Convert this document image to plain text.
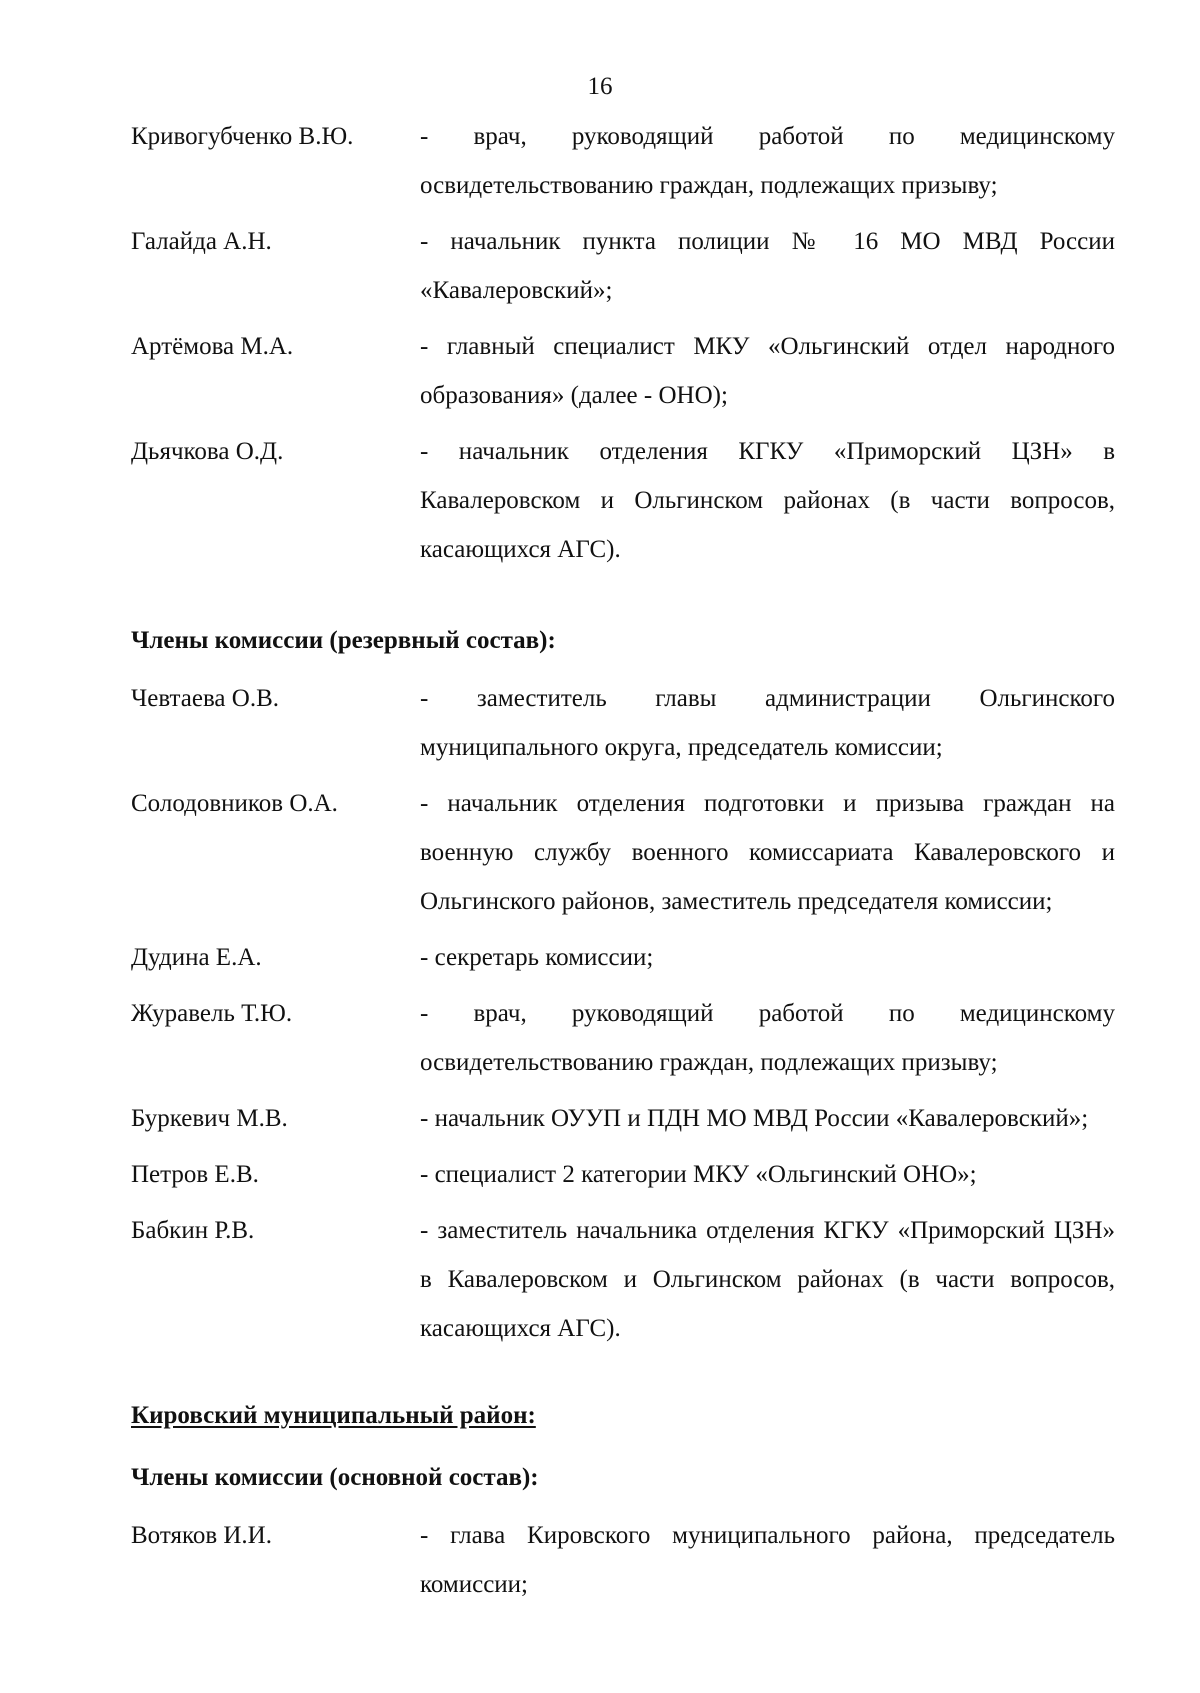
16
Кривогубченко В.Ю.	- врач, руководящий работой по медицинскому освидетельствованию граждан, подлежащих призыву;
Галайда А.Н.	- начальник пункта полиции № 16 МО МВД России «Кавалеровский»;
Артёмова М.А.	- главный специалист МКУ «Ольгинский отдел народного образования» (далее - ОНО);
Дьячкова О.Д.	- начальник отделения КГКУ «Приморский ЦЗН» в Кавалеровском и Ольгинском районах (в части вопросов, касающихся АГС).
Члены комиссии (резервный состав):
Чевтаева О.В.	- заместитель главы администрации Ольгинского муниципального округа, председатель комиссии;
Солодовников О.А.	- начальник отделения подготовки и призыва граждан на военную службу военного комиссариата Кавалеровского и Ольгинского районов, заместитель председателя комиссии;
Дудина Е.А.	- секретарь комиссии;
Журавель Т.Ю.	- врач, руководящий работой по медицинскому освидетельствованию граждан, подлежащих призыву;
Буркевич М.В.	- начальник ОУУП и ПДН МО МВД России «Кавалеровский»;
Петров Е.В.	- специалист 2 категории МКУ «Ольгинский ОНО»;
Бабкин Р.В.	- заместитель начальника отделения КГКУ «Приморский ЦЗН» в Кавалеровском и Ольгинском районах (в части вопросов, касающихся АГС).
Кировский муниципальный район:
Члены комиссии (основной состав):
Вотяков И.И.	- глава Кировского муниципального района, председатель комиссии;
